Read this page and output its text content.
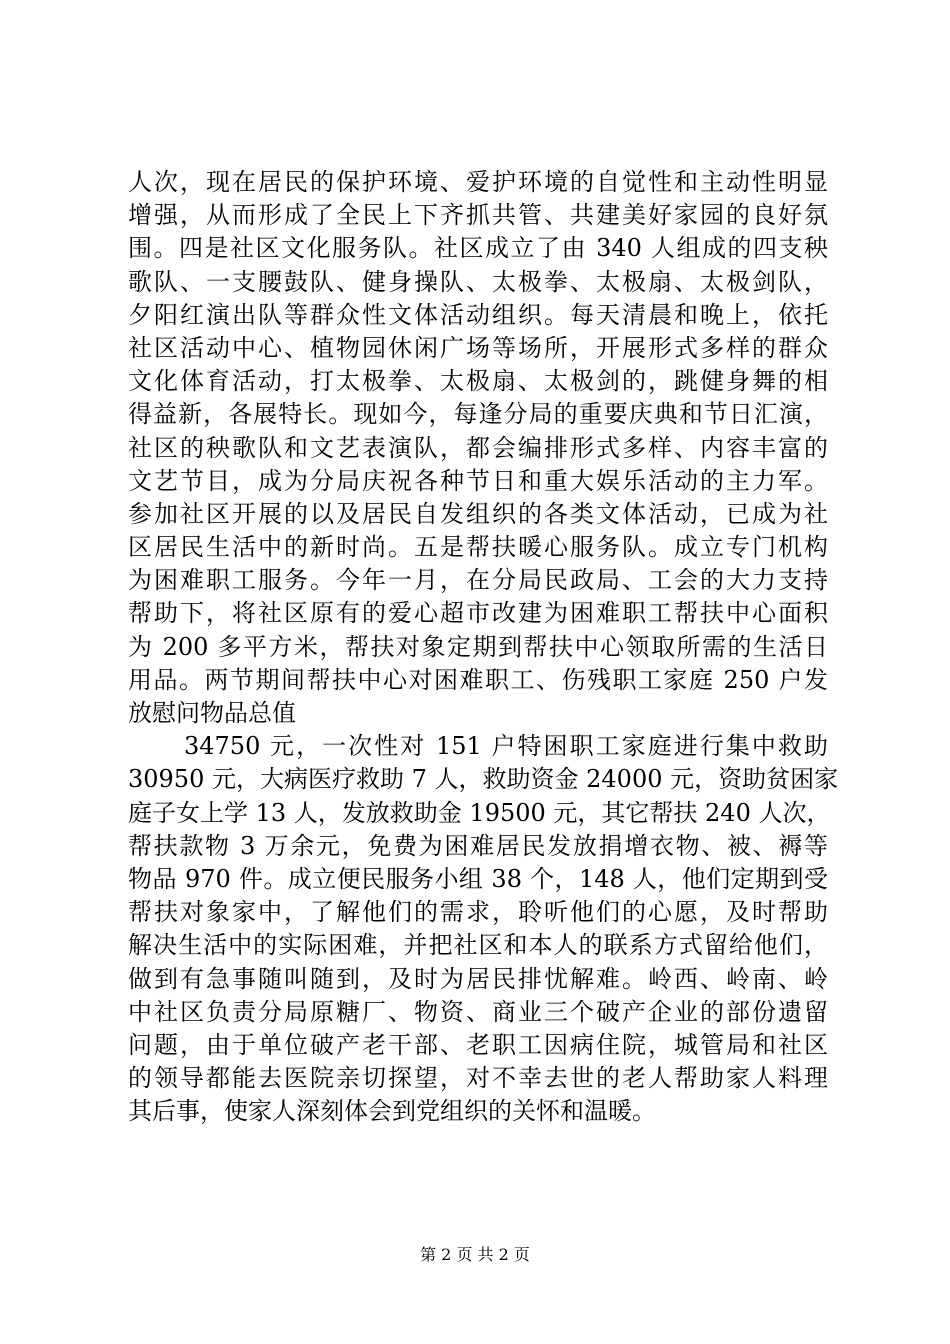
人次，现在居民的保护环境、爱护环境的自觉性和主动性明显
增强，从而形成了全民上下齐抓共管、共建美好家园的良好氛
围。四是社区文化服务队。社区成立了由 340 人组成的四支秧
歌队、一支腰鼓队、健身操队、太极拳、太极扇、太极剑队，
夕阳红演出队等群众性文体活动组织。每天清晨和晚上，依托
社区活动中心、植物园休闲广场等场所，开展形式多样的群众
文化体育活动，打太极拳、太极扇、太极剑的，跳健身舞的相
得益新，各展特长。现如今，每逢分局的重要庆典和节日汇演，
社区的秧歌队和文艺表演队，都会编排形式多样、内容丰富的
文艺节目，成为分局庆祝各种节日和重大娱乐活动的主力军。
参加社区开展的以及居民自发组织的各类文体活动，已成为社
区居民生活中的新时尚。五是帮扶暖心服务队。成立专门机构
为困难职工服务。今年一月，在分局民政局、工会的大力支持
帮助下，将社区原有的爱心超市改建为困难职工帮扶中心面积
为 200 多平方米，帮扶对象定期到帮扶中心领取所需的生活日
用品。两节期间帮扶中心对困难职工、伤残职工家庭 250 户发
放慰问物品总值
34750 元，一次性对 151 户特困职工家庭进行集中救助
30950 元，大病医疗救助 7 人，救助资金 24000 元，资助贫困家
庭子女上学 13 人，发放救助金 19500 元，其它帮扶 240 人次，
帮扶款物 3 万余元，免费为困难居民发放捐增衣物、被、褥等
物品 970 件。成立便民服务小组 38 个，148 人，他们定期到受
帮扶对象家中，了解他们的需求，聆听他们的心愿，及时帮助
解决生活中的实际困难，并把社区和本人的联系方式留给他们，
做到有急事随叫随到，及时为居民排忧解难。岭西、岭南、岭
中社区负责分局原糖厂、物资、商业三个破产企业的部份遗留
问题，由于单位破产老干部、老职工因病住院，城管局和社区
的领导都能去医院亲切探望，对不幸去世的老人帮助家人料理
其后事，使家人深刻体会到党组织的关怀和温暖。
第 2 页 共 2 页
